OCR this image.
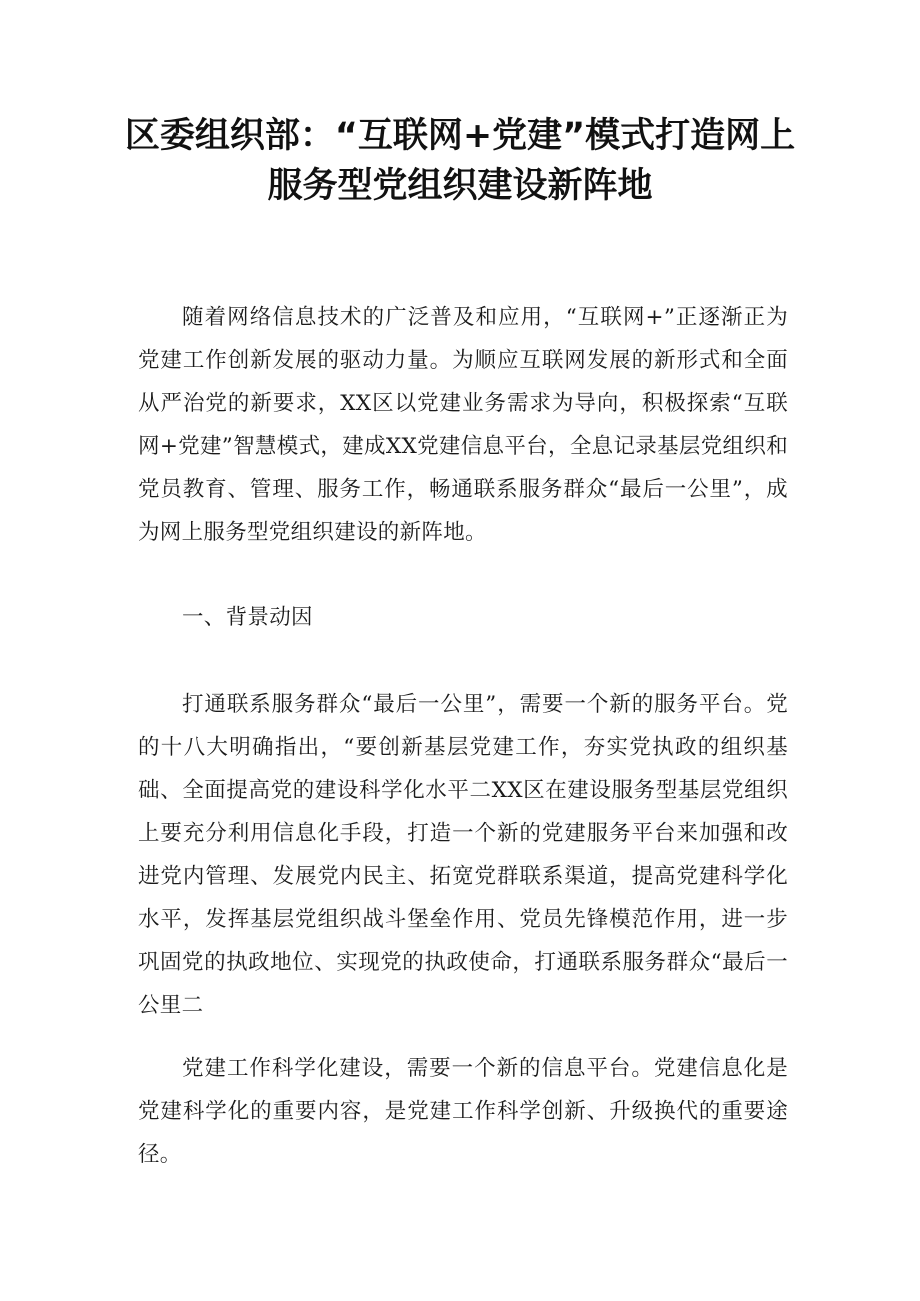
区委组织部：“互联网+党建”模式打造网上
服务型党组织建设新阵地

随着网络信息技术的广泛普及和应用，“互联网+”正逐渐正为党建工作创新发展的驱动力量。为顺应互联网发展的新形式和全面从严治党的新要求，XX区以党建业务需求为导向，积极探索“互联网+党建”智慧模式，建成XX党建信息平台，全息记录基层党组织和党员教育、管理、服务工作，畅通联系服务群众“最后一公里”，成为网上服务型党组织建设的新阵地。

一、背景动因

打通联系服务群众“最后一公里”，需要一个新的服务平台。党的十八大明确指出，“要创新基层党建工作，夯实党执政的组织基础、全面提高党的建设科学化水平二XX区在建设服务型基层党组织上要充分利用信息化手段，打造一个新的党建服务平台来加强和改进党内管理、发展党内民主、拓宽党群联系渠道，提高党建科学化水平，发挥基层党组织战斗堡垒作用、党员先锋模范作用，进一步巩固党的执政地位、实现党的执政使命，打通联系服务群众“最后一公里二

党建工作科学化建设，需要一个新的信息平台。党建信息化是党建科学化的重要内容，是党建工作科学创新、升级换代的重要途径。
